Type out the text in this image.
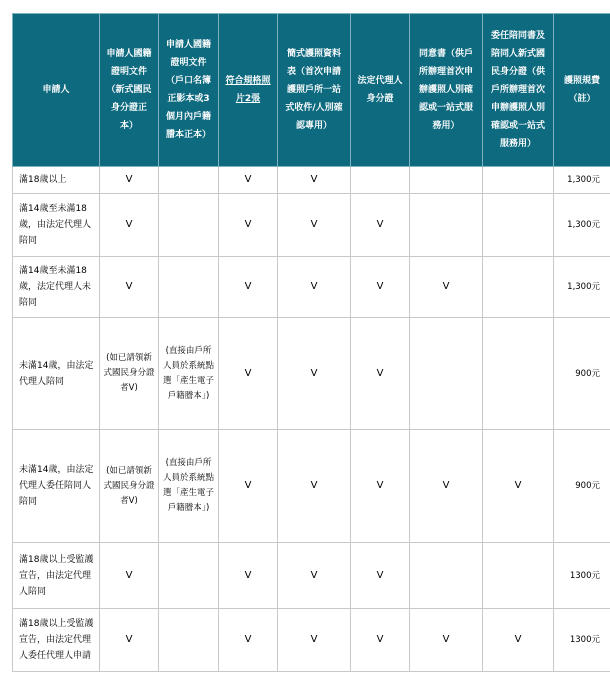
申請人	申請人國籍證明文件（新式國民身分證正本）	申請人國籍證明文件（戶口名簿正影本或3個月內戶籍謄本正本）	符合規格照片2張	簡式護照資料表（首次申請護照戶所一站式收件/人別確認專用）	法定代理人身分證	同意書（供戶所辦理首次申辦護照人別確認或一站式服務用）	委任陪同書及陪同人新式國民身分證（供戶所辦理首次申辦護照人別確認或一站式服務用）	護照規費（註）

滿18歲以上	V		V	V				1,300元
滿14歲至未滿18歲，由法定代理人陪同	V		V	V	V			1,300元
滿14歲至未滿18歲，法定代理人未陪同	V		V	V	V	V		1,300元
未滿14歲，由法定代理人陪同	(如已請領新式國民身分證者V)	(直接由戶所人員於系統點選「產生電子戶籍謄本」)	V	V	V			900元
未滿14歲，由法定代理人委任陪同人陪同	(如已請領新式國民身分證者V)	(直接由戶所人員於系統點選「產生電子戶籍謄本」)	V	V	V	V	V	900元
滿18歲以上受監護宣告，由法定代理人陪同	V		V	V	V			1300元
滿18歲以上受監護宣告，由法定代理人委任代理人申請	V		V	V	V	V	V	1300元
